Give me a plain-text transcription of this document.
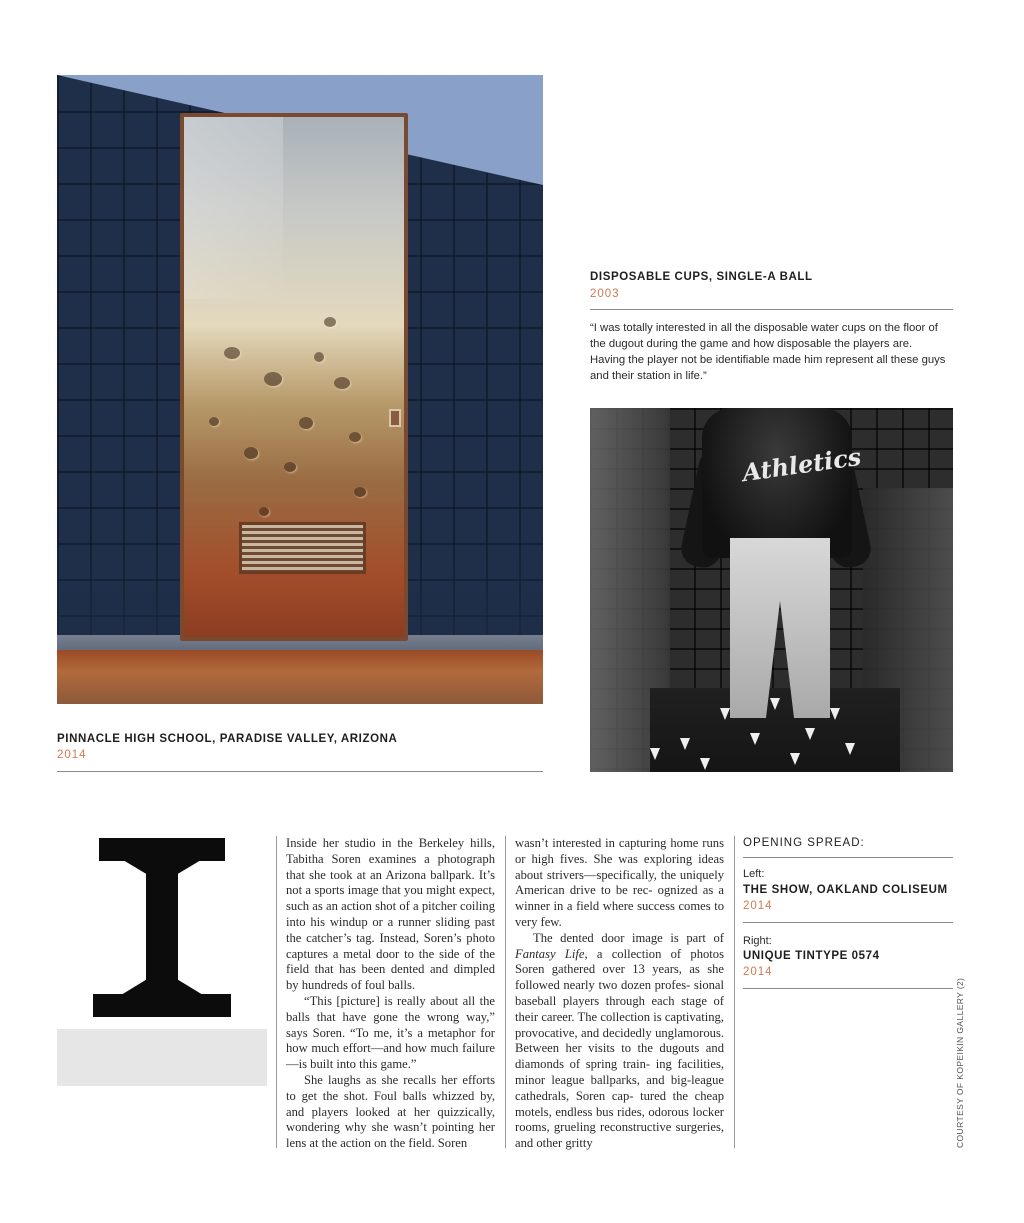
PINNACLE HIGH SCHOOL, PARADISE VALLEY, ARIZONA
2014
DISPOSABLE CUPS, SINGLE-A BALL
2003
“I was totally interested in all the disposable water cups on the floor of the dugout during the game and how disposable the players are. Having the player not be identifiable made him represent all these guys and their station in life.”
Athletics

Inside her studio in the Berkeley hills, Tabitha Soren examines a photograph that she took at an Arizona ballpark. It’s not a sports image that you might expect, such as an action shot of a pitcher coiling into his windup or a runner sliding past the catcher’s tag. Instead, Soren’s photo captures a metal door to the side of the field that has been dented and dimpled by hundreds of foul balls.

“This [picture] is really about all the balls that have gone the wrong way,” says Soren. “To me, it’s a metaphor for how much effort—and how much failure—is built into this game.”

She laughs as she recalls her efforts to get the shot. Foul balls whizzed by, and players looked at her quizzically, wondering why she wasn’t pointing her lens at the action on the field. Soren

wasn’t interested in capturing home runs or high fives. She was exploring ideas about strivers—specifically, the uniquely American drive to be rec- ognized as a winner in a field where success comes to very few.

The dented door image is part of Fantasy Life, a collection of photos Soren gathered over 13 years, as she followed nearly two dozen profes- sional baseball players through each stage of their career. The collection is captivating, provocative, and decidedly unglamorous. Between her visits to the dugouts and diamonds of spring train- ing facilities, minor league ballparks, and big-league cathedrals, Soren cap- tured the cheap motels, endless bus rides, odorous locker rooms, grueling reconstructive surgeries, and other gritty

OPENING SPREAD:
Left:
THE SHOW, OAKLAND COLISEUM
2014
Right:
UNIQUE TINTYPE 0574
2014
COURTESY OF KOPEIKIN GALLERY (2)
